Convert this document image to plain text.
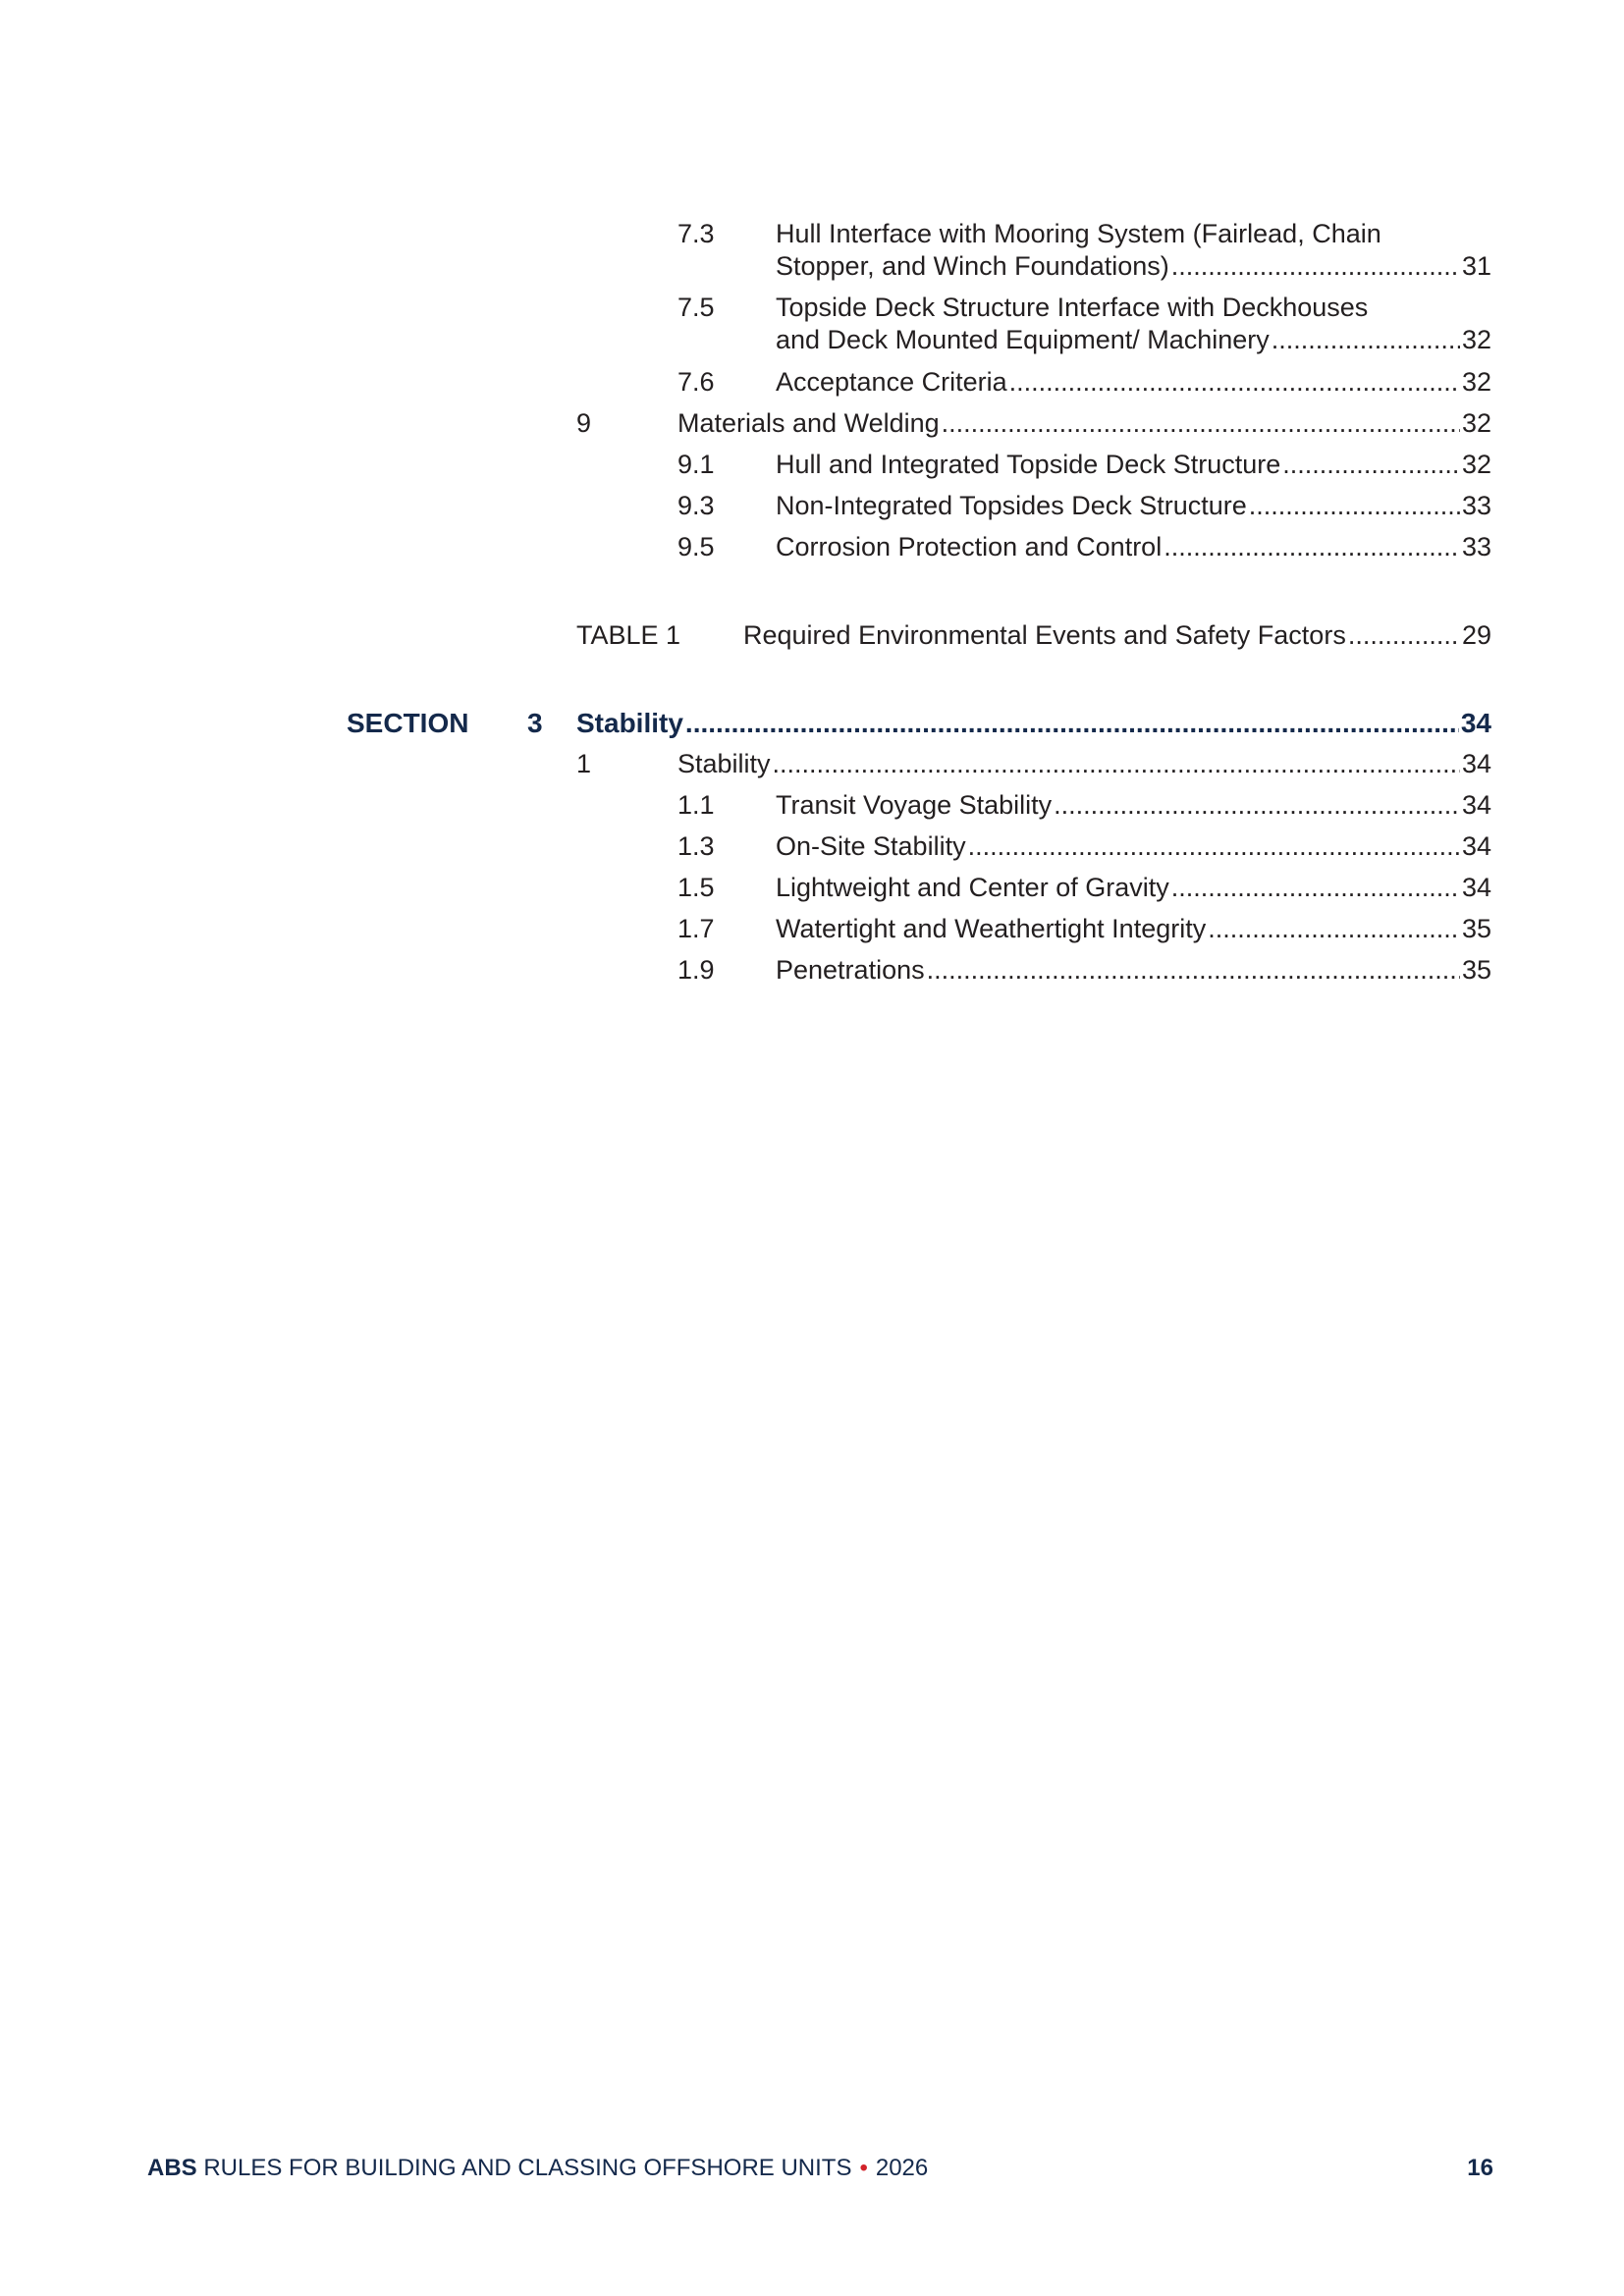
7.3 Hull Interface with Mooring System (Fairlead, Chain
Stopper, and Winch Foundations) .....	31
7.5 Topside Deck Structure Interface with Deckhouses
and Deck Mounted Equipment/ Machinery .....	32
7.6 Acceptance Criteria .....	32
9	Materials and Welding .....	32
9.1 Hull and Integrated Topside Deck Structure .....	32
9.3 Non-Integrated Topsides Deck Structure .....	33
9.5 Corrosion Protection and Control .....	33
TABLE 1 Required Environmental Events and Safety Factors .....	29
SECTION 3 Stability .....	34
1	Stability .....	34
1.1 Transit Voyage Stability .....	34
1.3 On-Site Stability .....	34
1.5 Lightweight and Center of Gravity .....	34
1.7 Watertight and Weathertight Integrity .....	35
1.9 Penetrations .....	35
ABS RULES FOR BUILDING AND CLASSING OFFSHORE UNITS • 2026	16
